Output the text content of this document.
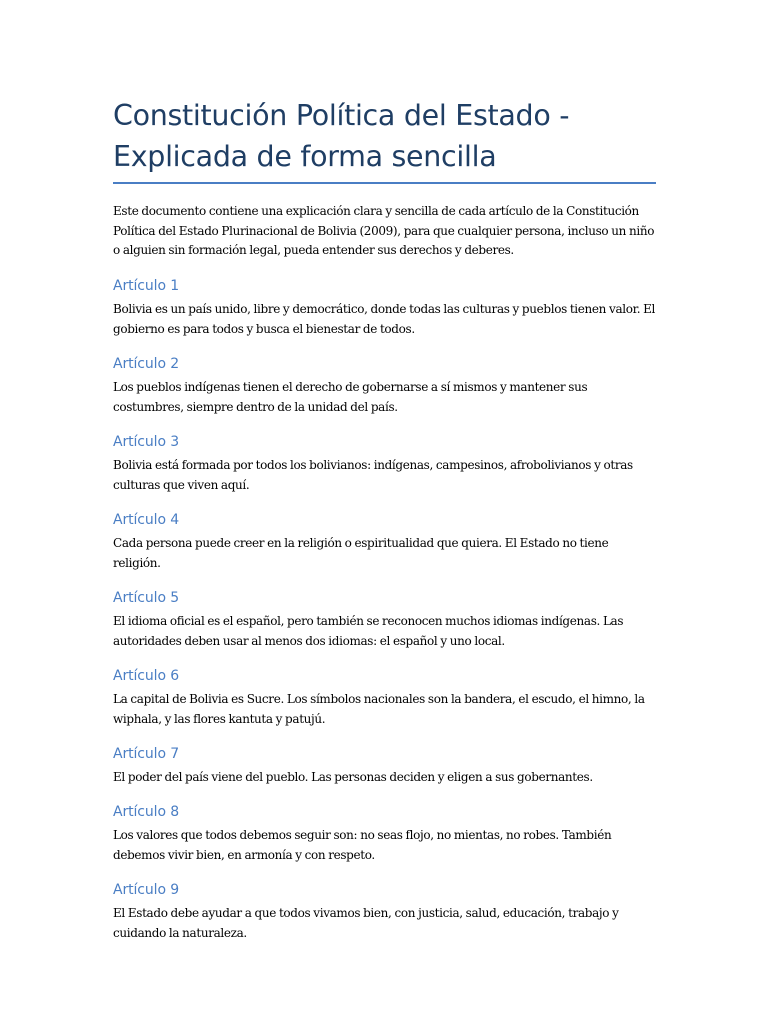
Constitución Política del Estado -
Explicada de forma sencilla

Este documento contiene una explicación clara y sencilla de cada artículo de la Constitución Política del Estado Plurinacional de Bolivia (2009), para que cualquier persona, incluso un niño o alguien sin formación legal, pueda entender sus derechos y deberes.

Artículo 1

Bolivia es un país unido, libre y democrático, donde todas las culturas y pueblos tienen valor. El gobierno es para todos y busca el bienestar de todos.

Artículo 2

Los pueblos indígenas tienen el derecho de gobernarse a sí mismos y mantener sus costumbres, siempre dentro de la unidad del país.

Artículo 3

Bolivia está formada por todos los bolivianos: indígenas, campesinos, afrobolivianos y otras culturas que viven aquí.

Artículo 4

Cada persona puede creer en la religión o espiritualidad que quiera. El Estado no tiene religión.

Artículo 5

El idioma oficial es el español, pero también se reconocen muchos idiomas indígenas. Las autoridades deben usar al menos dos idiomas: el español y uno local.

Artículo 6

La capital de Bolivia es Sucre. Los símbolos nacionales son la bandera, el escudo, el himno, la wiphala, y las flores kantuta y patujú.

Artículo 7

El poder del país viene del pueblo. Las personas deciden y eligen a sus gobernantes.

Artículo 8

Los valores que todos debemos seguir son: no seas flojo, no mientas, no robes. También debemos vivir bien, en armonía y con respeto.

Artículo 9

El Estado debe ayudar a que todos vivamos bien, con justicia, salud, educación, trabajo y cuidando la naturaleza.
